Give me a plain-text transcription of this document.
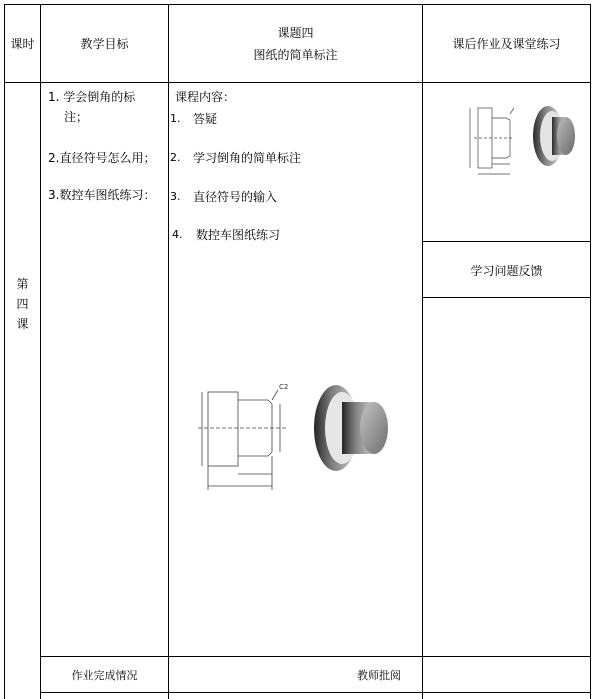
课时	教学目标
课题四
图纸的简单标注
课后作业及课堂练习
第
四
课
1. 学会倒角的标
注；
2.直径符号怎么用；
3.数控车图纸练习：
课程内容：
1. 答疑
2. 学习倒角的简单标注
3. 直径符号的输入
4. 数控车图纸练习
学习问题反馈
作业完成情况	教师批阅
C2
